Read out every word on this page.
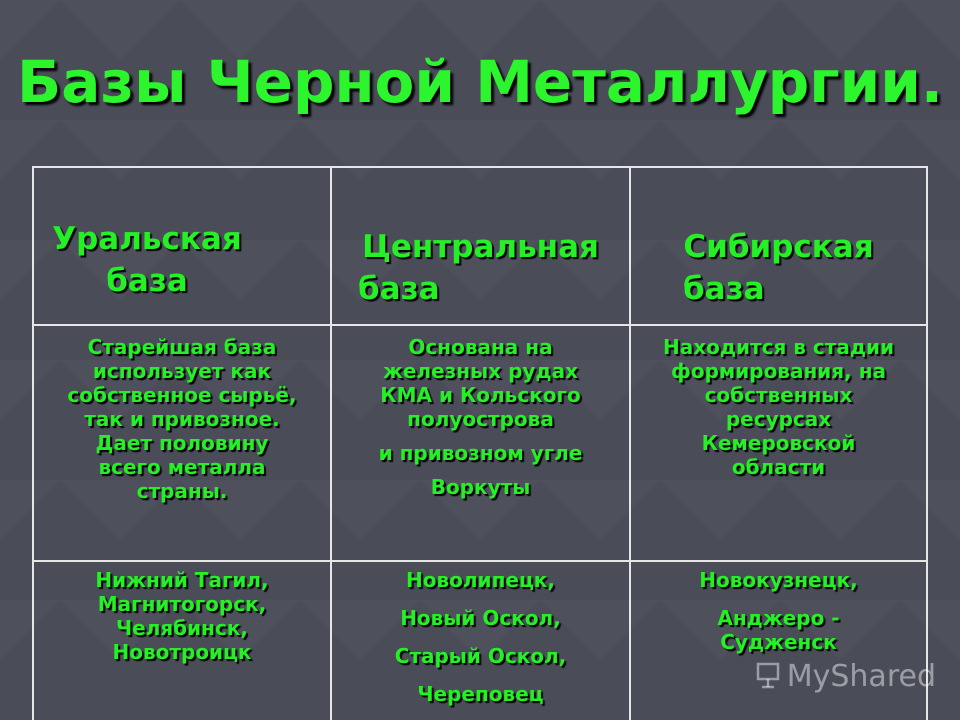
Базы Черной Металлургии.
Уральская
база
Центральная
база
Сибирская
база
Старейшая база
использует как
собственное сырьё,
так и привозное.
Дает половину
всего металла
страны.
Основана на
железных рудах
КМА и Кольского
полуострова
и привозном угле
Воркуты
Находится в стадии
формирования, на
собственных
ресурсах
Кемеровской
области
Нижний Тагил,
Магнитогорск,
Челябинск,
Новотроицк
Новолипецк,
Новый Оскол,
Старый Оскол,
Череповец
Новокузнецк,
Анджеро -
Судженск
MyShared
